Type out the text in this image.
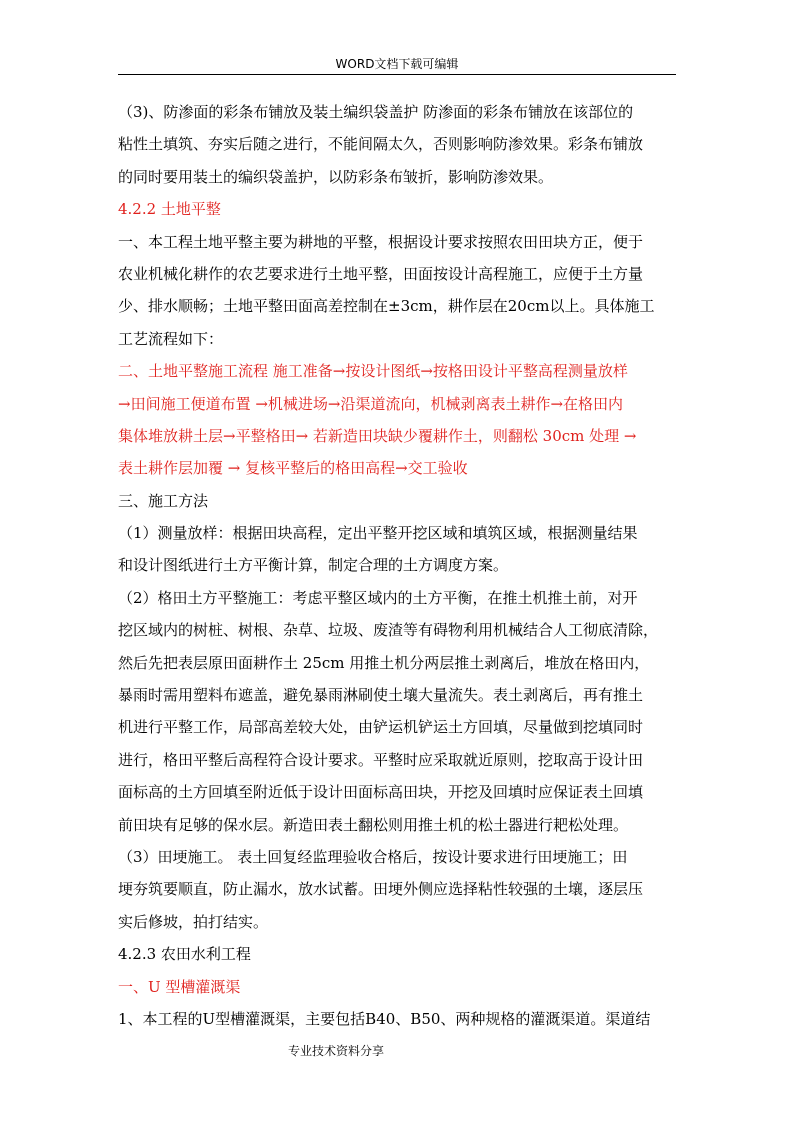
WORD文档下载可编辑
（3)、防渗面的彩条布铺放及装土编织袋盖护 防渗面的彩条布铺放在该部位的
粘性土填筑、夯实后随之进行，不能间隔太久，否则影响防渗效果。彩条布铺放
的同时要用装土的编织袋盖护，以防彩条布皱折，影响防渗效果。
4.2.2 土地平整
一、本工程土地平整主要为耕地的平整，根据设计要求按照农田田块方正，便于
农业机械化耕作的农艺要求进行土地平整，田面按设计高程施工，应便于土方量
少、排水顺畅；土地平整田面高差控制在±3cm，耕作层在20cm以上。具体施工
工艺流程如下：
二、土地平整施工流程 施工准备→按设计图纸→按格田设计平整高程测量放样
→田间施工便道布置 →机械进场→沿渠道流向，机械剥离表土耕作→在格田内
集体堆放耕土层→平整格田→ 若新造田块缺少覆耕作土，则翻松 30cm 处理 →
表土耕作层加覆 → 复核平整后的格田高程→交工验收
三、施工方法
（1）测量放样：根据田块高程，定出平整开挖区域和填筑区域，根据测量结果
和设计图纸进行土方平衡计算，制定合理的土方调度方案。
（2）格田土方平整施工：考虑平整区域内的土方平衡，在推土机推土前，对开
挖区域内的树桩、树根、杂草、垃圾、废渣等有碍物利用机械结合人工彻底清除，
然后先把表层原田面耕作土 25cm 用推土机分两层推土剥离后，堆放在格田内，
暴雨时需用塑料布遮盖，避免暴雨淋刷使土壤大量流失。表土剥离后，再有推土
机进行平整工作，局部高差较大处，由铲运机铲运土方回填，尽量做到挖填同时
进行，格田平整后高程符合设计要求。平整时应采取就近原则，挖取高于设计田
面标高的土方回填至附近低于设计田面标高田块，开挖及回填时应保证表土回填
前田块有足够的保水层。新造田表土翻松则用推土机的松土器进行耙松处理。
（3）田埂施工。 表土回复经监理验收合格后，按设计要求进行田埂施工；田
埂夯筑要顺直，防止漏水，放水试蓄。田埂外侧应选择粘性较强的土壤，逐层压
实后修坡，拍打结实。
4.2.3 农田水利工程
一、U 型槽灌溉渠
1、本工程的U型槽灌溉渠，主要包括B40、B50、两种规格的灌溉渠道。渠道结
专业技术资料分享
